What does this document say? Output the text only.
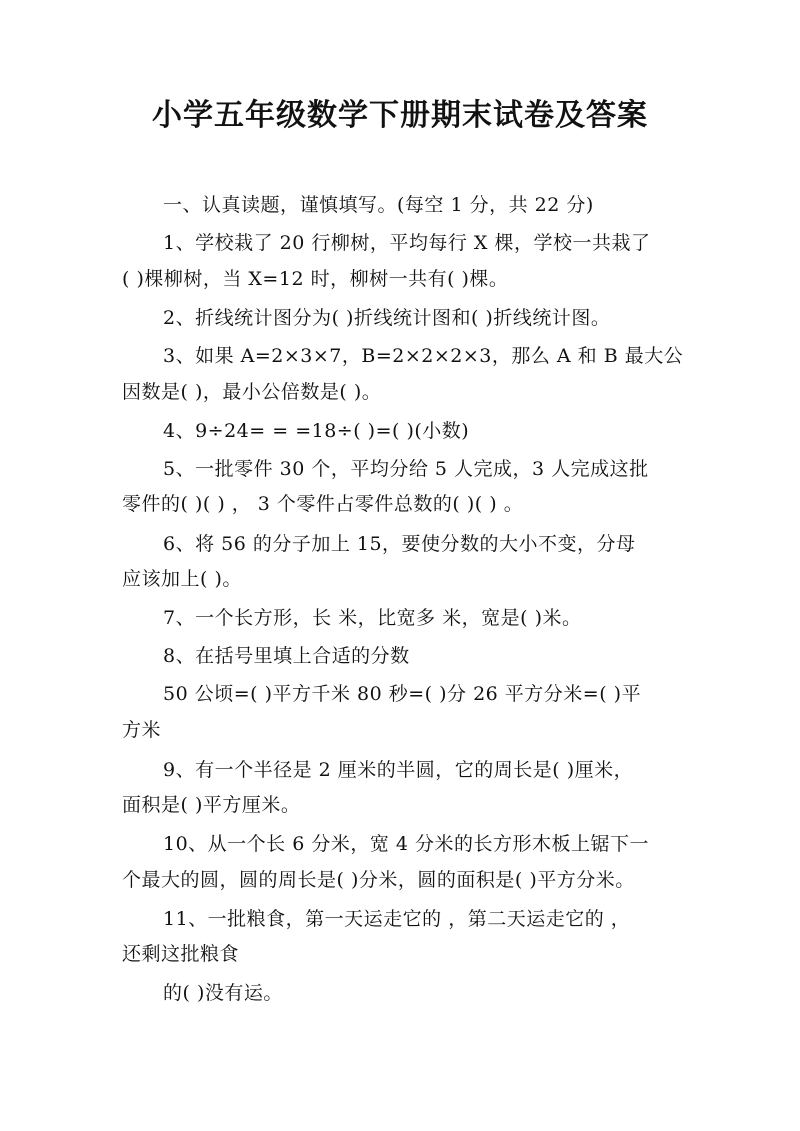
小学五年级数学下册期末试卷及答案
一、认真读题，谨慎填写。(每空 1 分，共 22 分)
1、学校栽了 20 行柳树，平均每行 X 棵，学校一共栽了
( )棵柳树，当 X=12 时，柳树一共有( )棵。
2、折线统计图分为( )折线统计图和( )折线统计图。
3、如果 A=2×3×7，B=2×2×2×3，那么 A 和 B 最大公
因数是( )，最小公倍数是( )。
4、9÷24= = =18÷( )=( )(小数)
5、一批零件 30 个，平均分给 5 人完成，3 人完成这批
零件的( )( ) ， 3 个零件占零件总数的( )( ) 。
6、将 56 的分子加上 15，要使分数的大小不变，分母
应该加上( )。
7、一个长方形，长 米，比宽多 米，宽是( )米。
8、在括号里填上合适的分数
50 公顷=( )平方千米 80 秒=( )分 26 平方分米=( )平
方米
9、有一个半径是 2 厘米的半圆，它的周长是( )厘米，
面积是( )平方厘米。
10、从一个长 6 分米，宽 4 分米的长方形木板上锯下一
个最大的圆，圆的周长是( )分米，圆的面积是( )平方分米。
11、一批粮食，第一天运走它的 ，第二天运走它的 ，
还剩这批粮食
的( )没有运。
